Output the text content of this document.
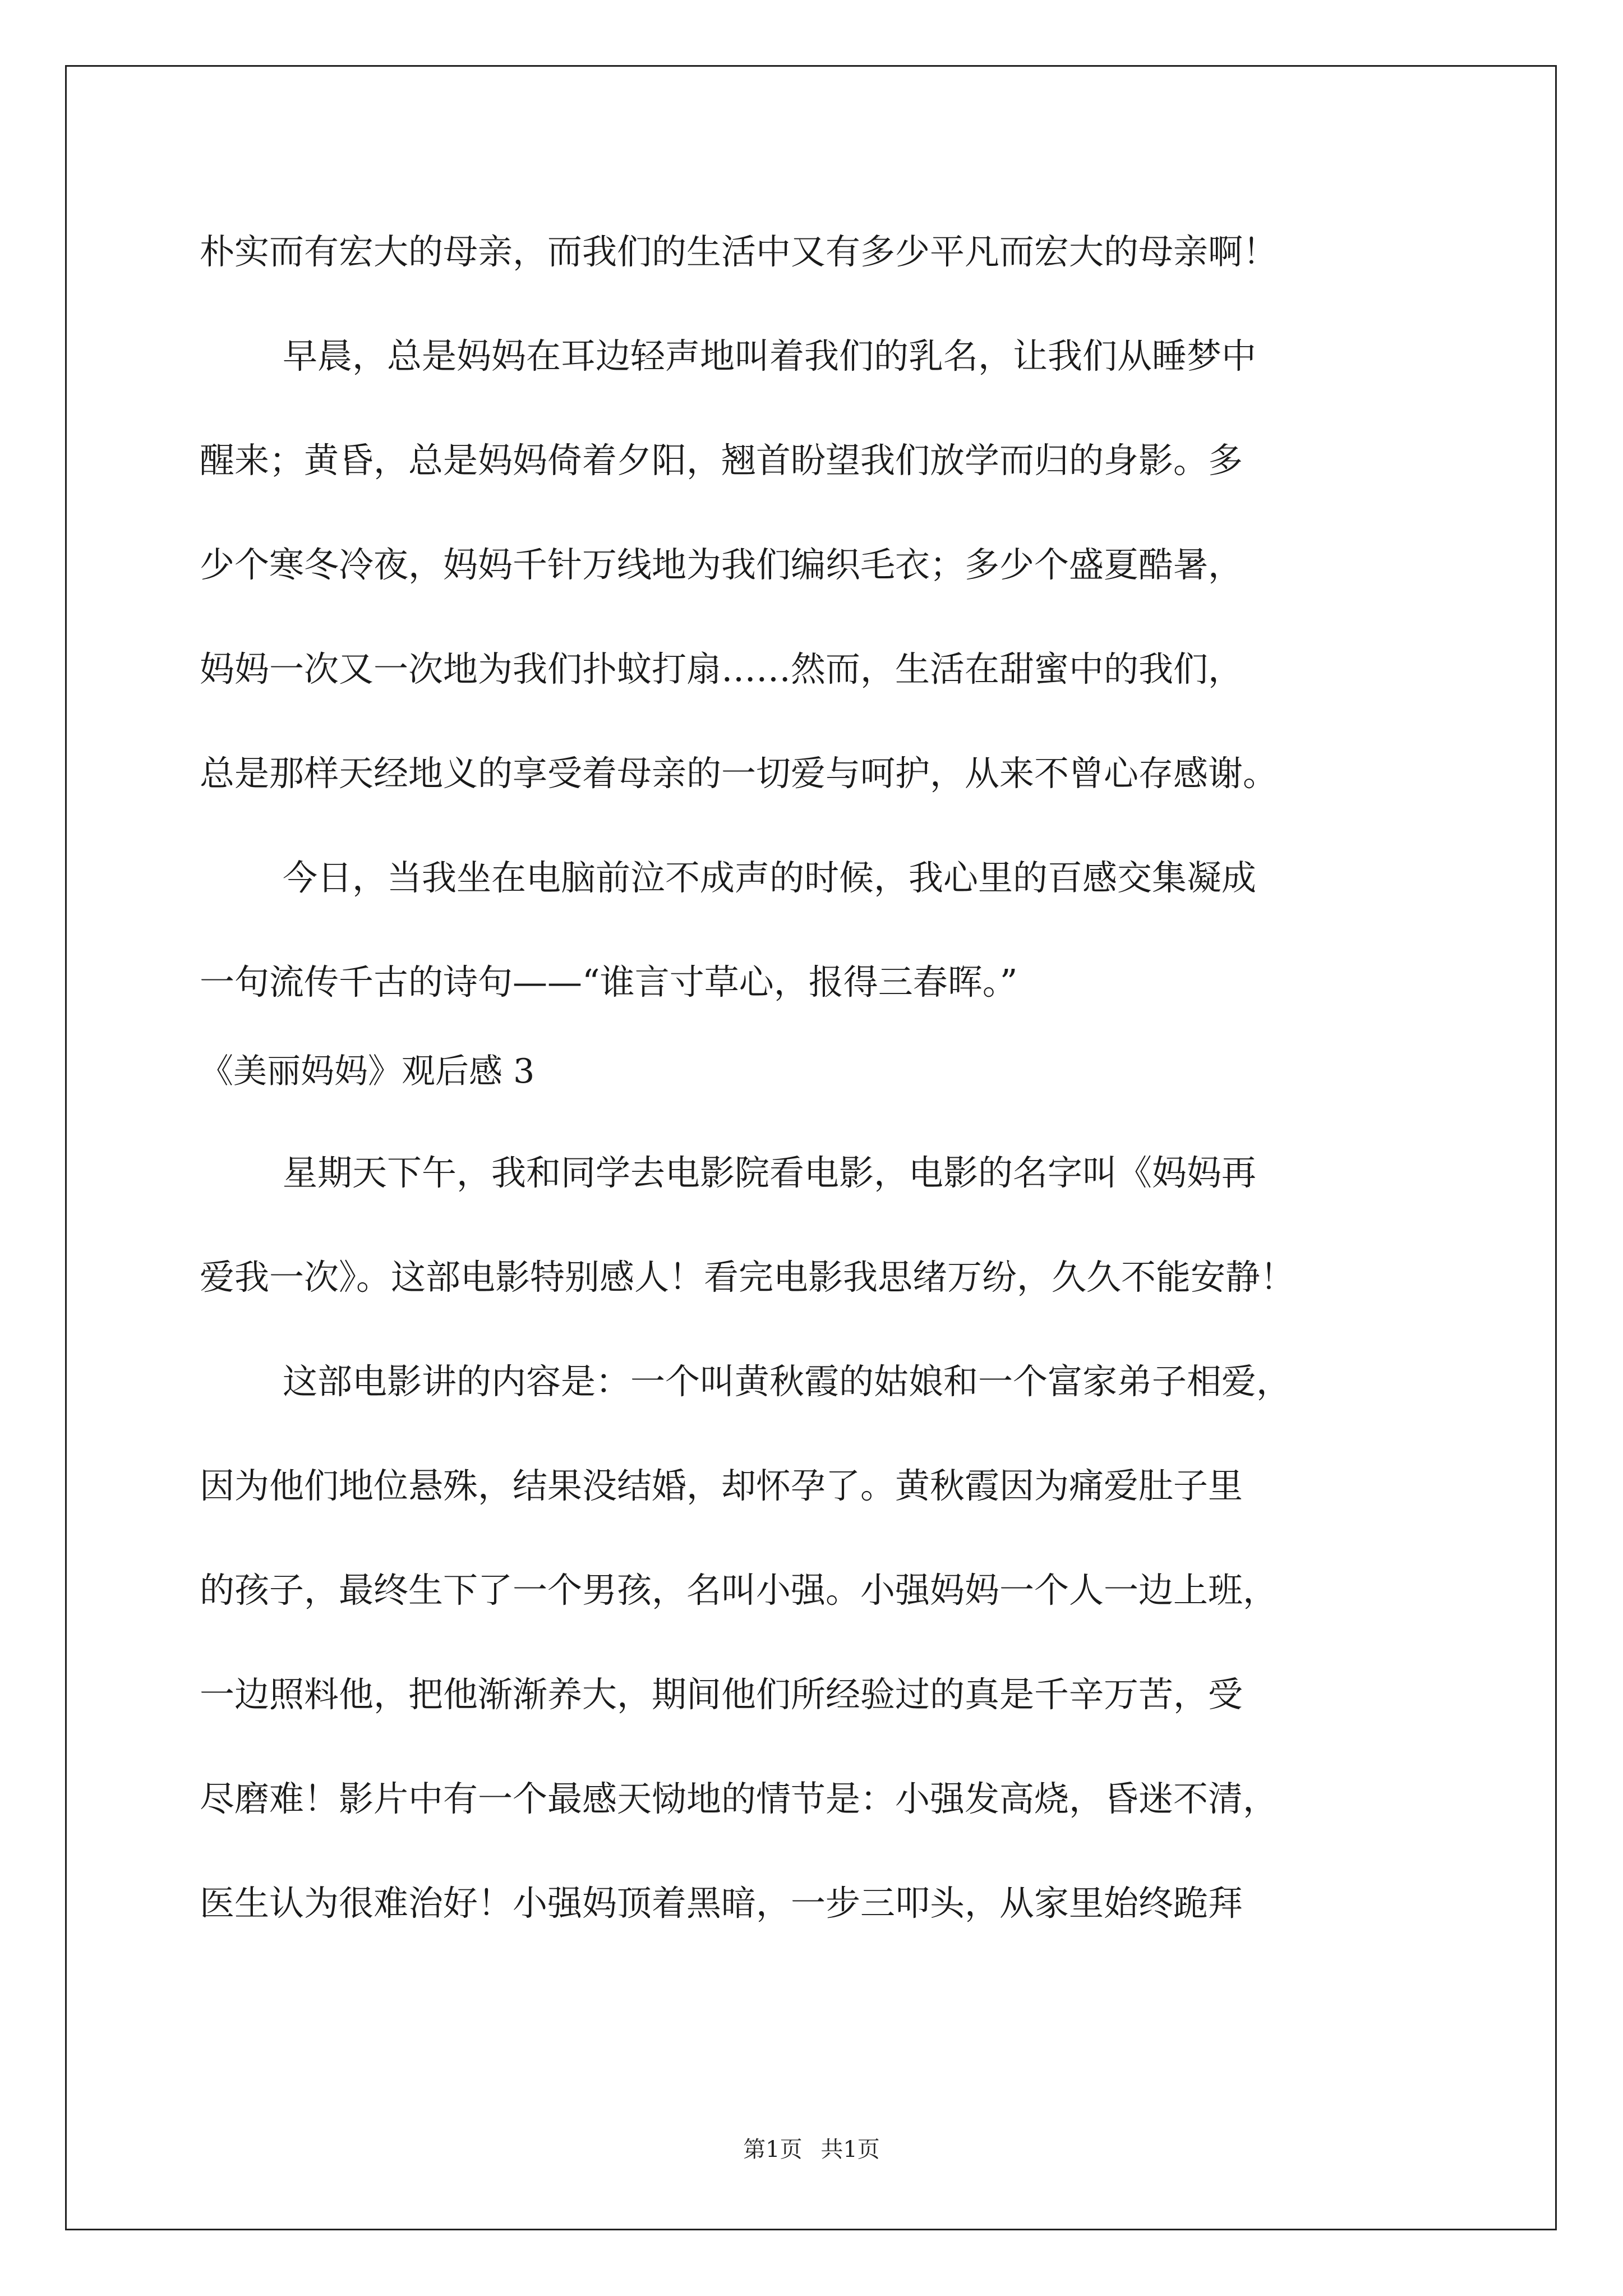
朴实而有宏大的母亲，而我们的生活中又有多少平凡而宏大的母亲啊！
早晨，总是妈妈在耳边轻声地叫着我们的乳名，让我们从睡梦中
醒来；黄昏，总是妈妈倚着夕阳，翘首盼望我们放学而归的身影。多
少个寒冬冷夜，妈妈千针万线地为我们编织毛衣；多少个盛夏酷暑，
妈妈一次又一次地为我们扑蚊打扇……然而，生活在甜蜜中的我们，
总是那样天经地义的享受着母亲的一切爱与呵护，从来不曾心存感谢。
今日，当我坐在电脑前泣不成声的时候，我心里的百感交集凝成
一句流传千古的诗句——“谁言寸草心，报得三春晖。”
《美丽妈妈》观后感 3
星期天下午，我和同学去电影院看电影，电影的名字叫《妈妈再
爱我一次》。这部电影特别感人！看完电影我思绪万纷，久久不能安静！
这部电影讲的内容是：一个叫黄秋霞的姑娘和一个富家弟子相爱，
因为他们地位悬殊，结果没结婚，却怀孕了。黄秋霞因为痛爱肚子里
的孩子，最终生下了一个男孩，名叫小强。小强妈妈一个人一边上班，
一边照料他，把他渐渐养大，期间他们所经验过的真是千辛万苦，受
尽磨难！影片中有一个最感天恸地的情节是：小强发高烧，昏迷不清，
医生认为很难治好！小强妈顶着黑暗，一步三叩头，从家里始终跪拜
第1页 共1页
